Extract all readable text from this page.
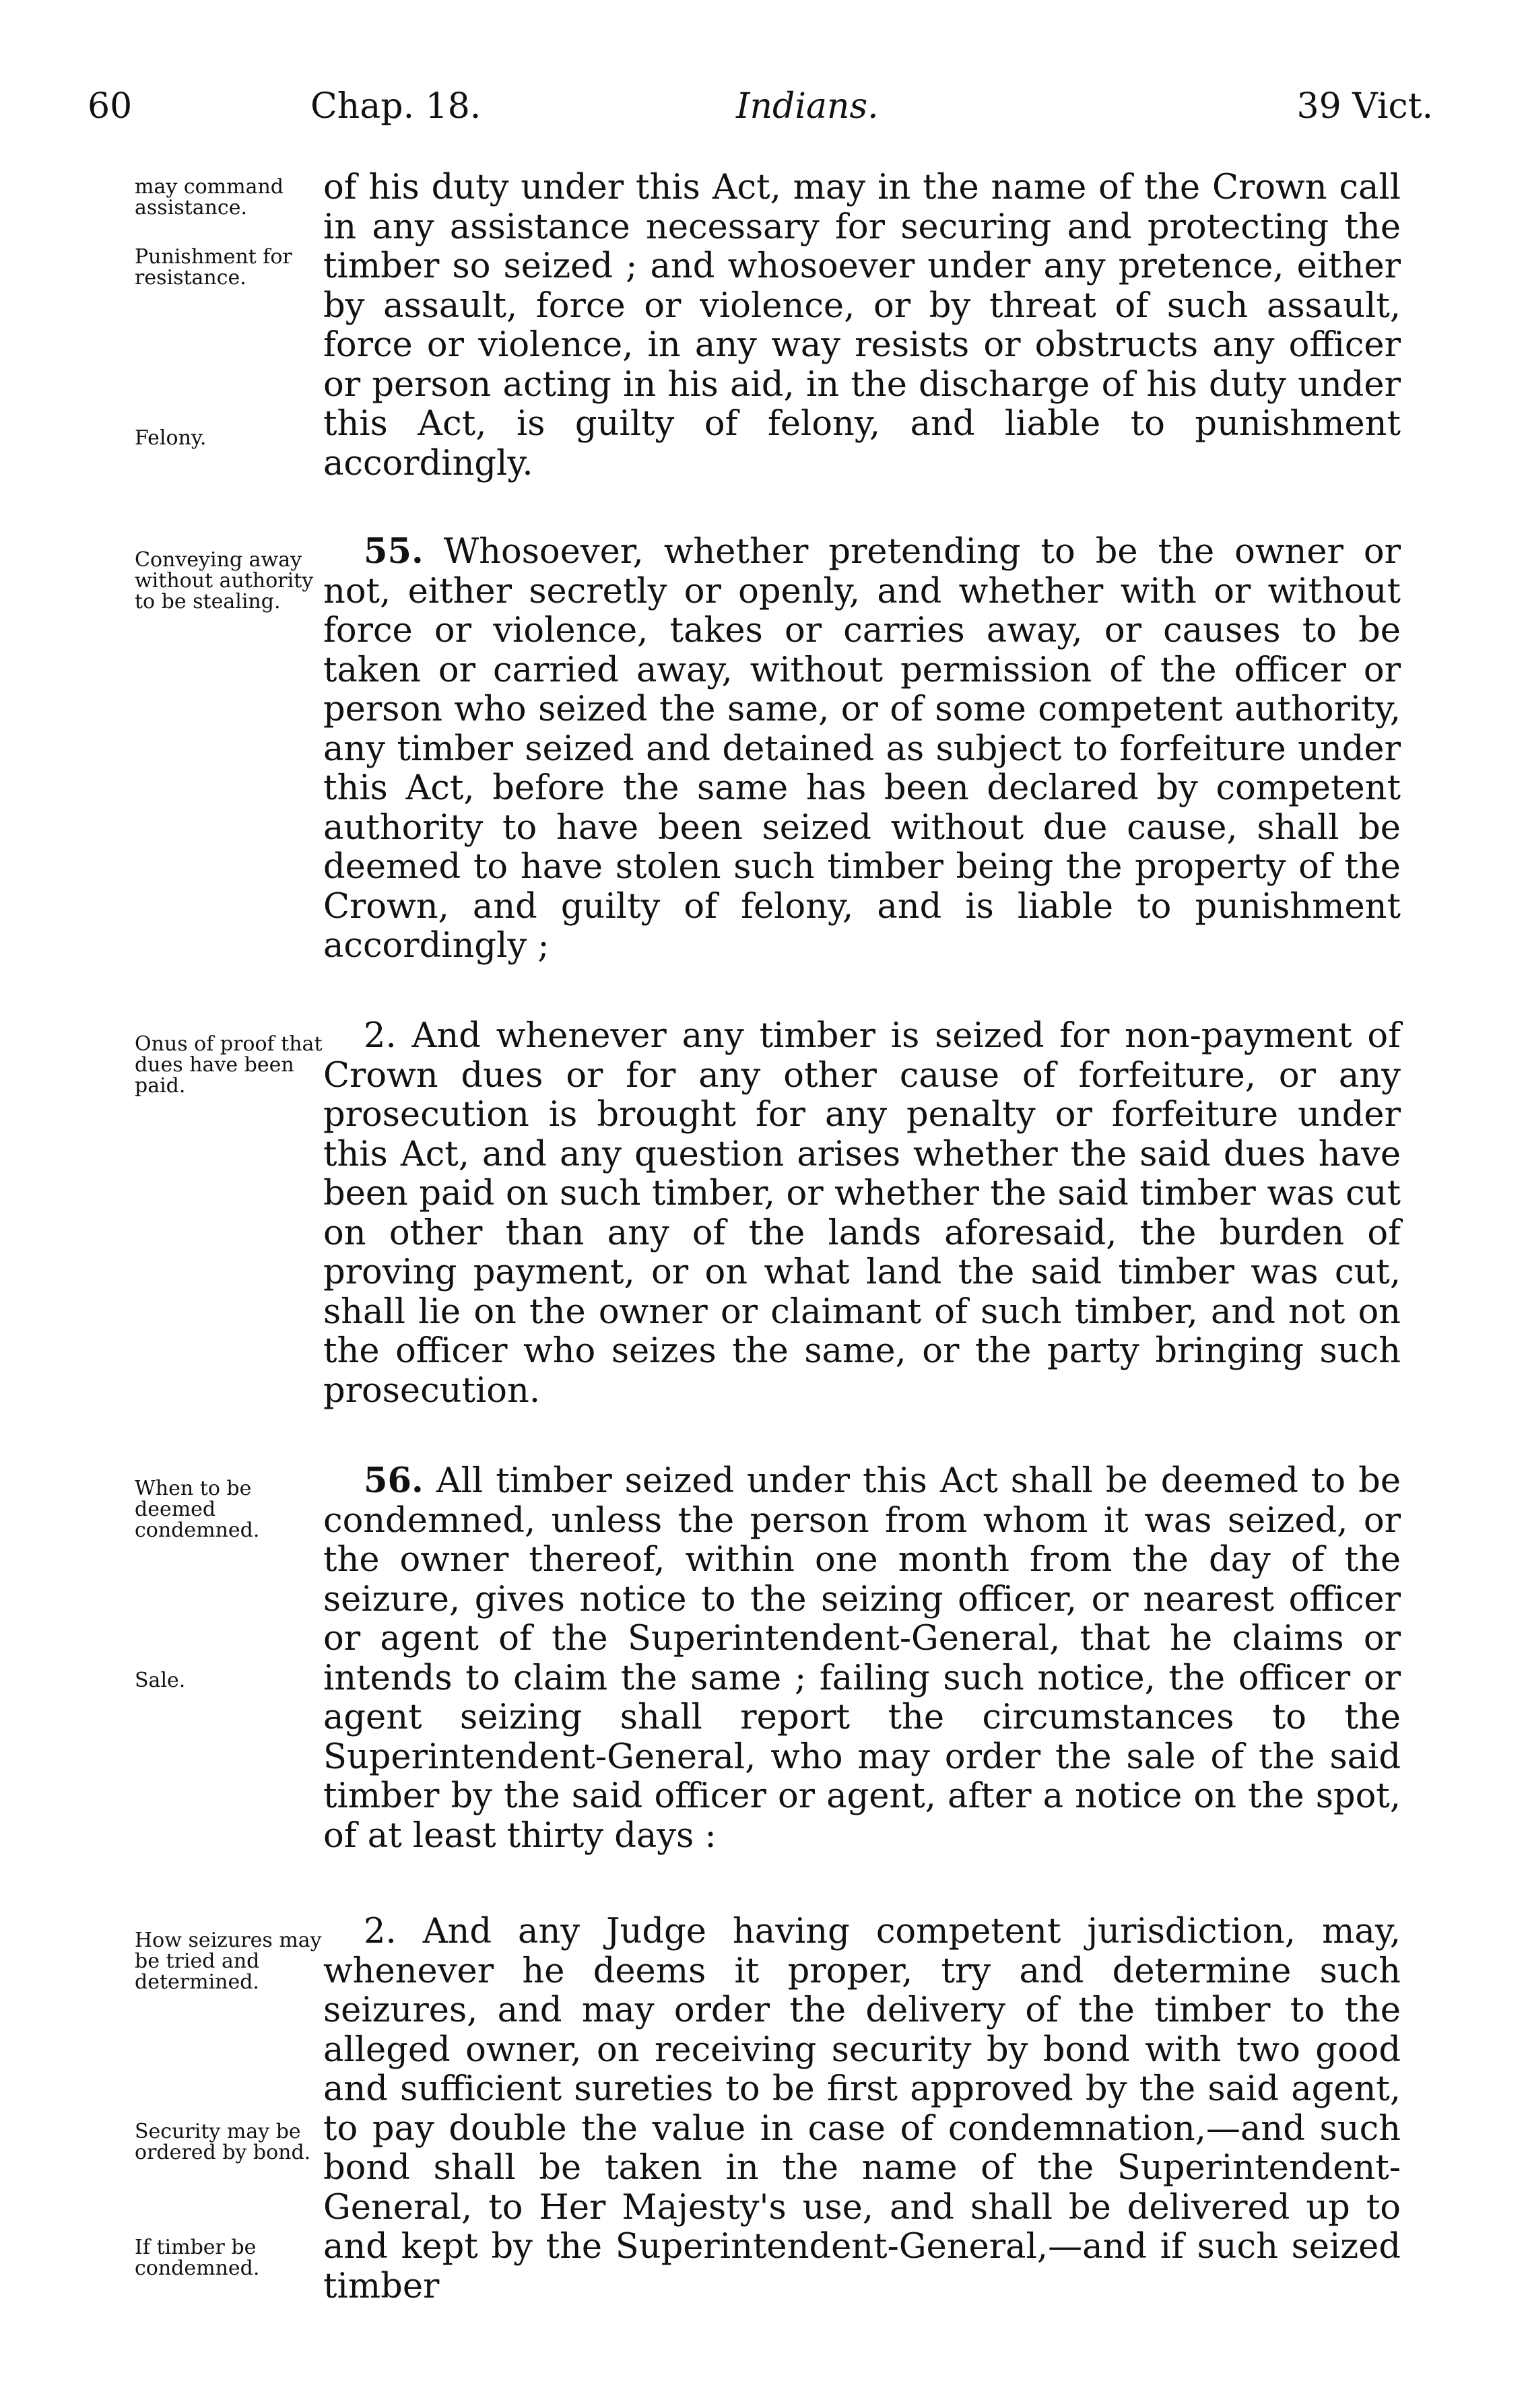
60	Chap. 18.	Indians.	39 Vict.
may command assistance.
Punishment for resistance.
Felony.
Conveying away without authority to be stealing.
Onus of proof that dues have been paid.
When to be deemed condemned.
Sale.
How seizures may be tried and determined.
Security may be ordered by bond.
If timber be condemned.

of his duty under this Act, may in the name of the Crown call in any assistance necessary for securing and protecting the timber so seized ; and whosoever under any pretence, either by assault, force or violence, or by threat of such assault, force or violence, in any way resists or obstructs any officer or person acting in his aid, in the discharge of his duty under this Act, is guilty of felony, and liable to punishment accordingly.

55. Whosoever, whether pretending to be the owner or not, either secretly or openly, and whether with or without force or violence, takes or carries away, or causes to be taken or carried away, without permission of the officer or person who seized the same, or of some competent authority, any timber seized and detained as subject to forfeiture under this Act, before the same has been declared by competent authority to have been seized without due cause, shall be deemed to have stolen such timber being the property of the Crown, and guilty of felony, and is liable to punishment accordingly ;

2. And whenever any timber is seized for non-payment of Crown dues or for any other cause of forfeiture, or any prosecution is brought for any penalty or forfeiture under this Act, and any question arises whether the said dues have been paid on such timber, or whether the said timber was cut on other than any of the lands aforesaid, the burden of proving payment, or on what land the said timber was cut, shall lie on the owner or claimant of such timber, and not on the officer who seizes the same, or the party bringing such prosecution.

56. All timber seized under this Act shall be deemed to be condemned, unless the person from whom it was seized, or the owner thereof, within one month from the day of the seizure, gives notice to the seizing officer, or nearest officer or agent of the Superintendent-General, that he claims or intends to claim the same ; failing such notice, the officer or agent seizing shall report the circumstances to the Superintendent-General, who may order the sale of the said timber by the said officer or agent, after a notice on the spot, of at least thirty days :

2. And any Judge having competent jurisdiction, may, whenever he deems it proper, try and determine such seizures, and may order the delivery of the timber to the alleged owner, on receiving security by bond with two good and sufficient sureties to be first approved by the said agent, to pay double the value in case of condemnation,—and such bond shall be taken in the name of the Superintendent-General, to Her Majesty's use, and shall be delivered up to and kept by the Superintendent-General,—and if such seized timber
